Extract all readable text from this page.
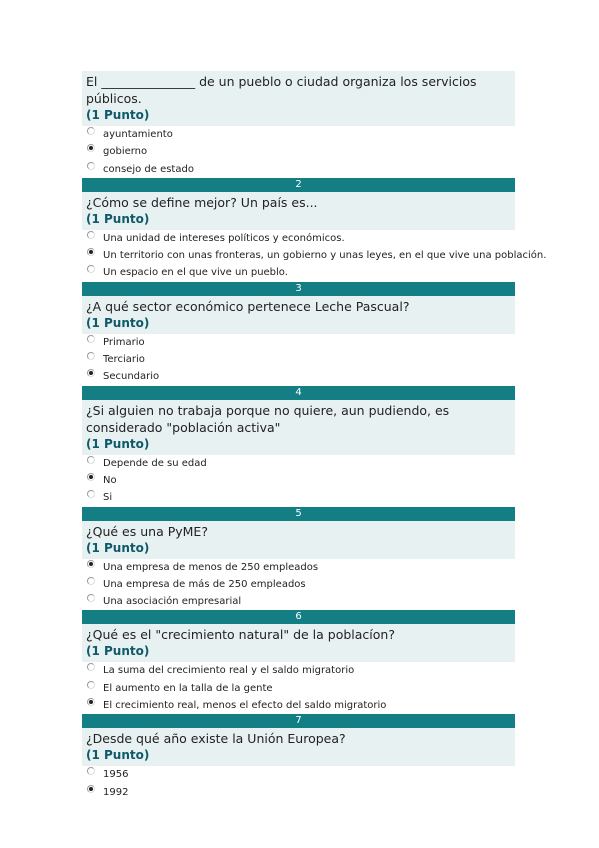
El _______________ de un pueblo o ciudad organiza los servicios públicos.
(1 Punto)
ayuntamiento
gobierno
consejo de estado
2
¿Cómo se define mejor? Un país es...
(1 Punto)
Una unidad de intereses políticos y económicos.
Un territorio con unas fronteras, un gobierno y unas leyes, en el que vive una población.
Un espacio en el que vive un pueblo.
3
¿A qué sector económico pertenece Leche Pascual?
(1 Punto)
Primario
Terciario
Secundario
4
¿Si alguien no trabaja porque no quiere, aun pudiendo, es considerado "población activa"
(1 Punto)
Depende de su edad
No
Si
5
¿Qué es una PyME?
(1 Punto)
Una empresa de menos de 250 empleados
Una empresa de más de 250 empleados
Una asociación empresarial
6
¿Qué es el "crecimiento natural" de la poblacíon?
(1 Punto)
La suma del crecimiento real y el saldo migratorio
El aumento en la talla de la gente
El crecimiento real, menos el efecto del saldo migratorio
7
¿Desde qué año existe la Unión Europea?
(1 Punto)
1956
1992
